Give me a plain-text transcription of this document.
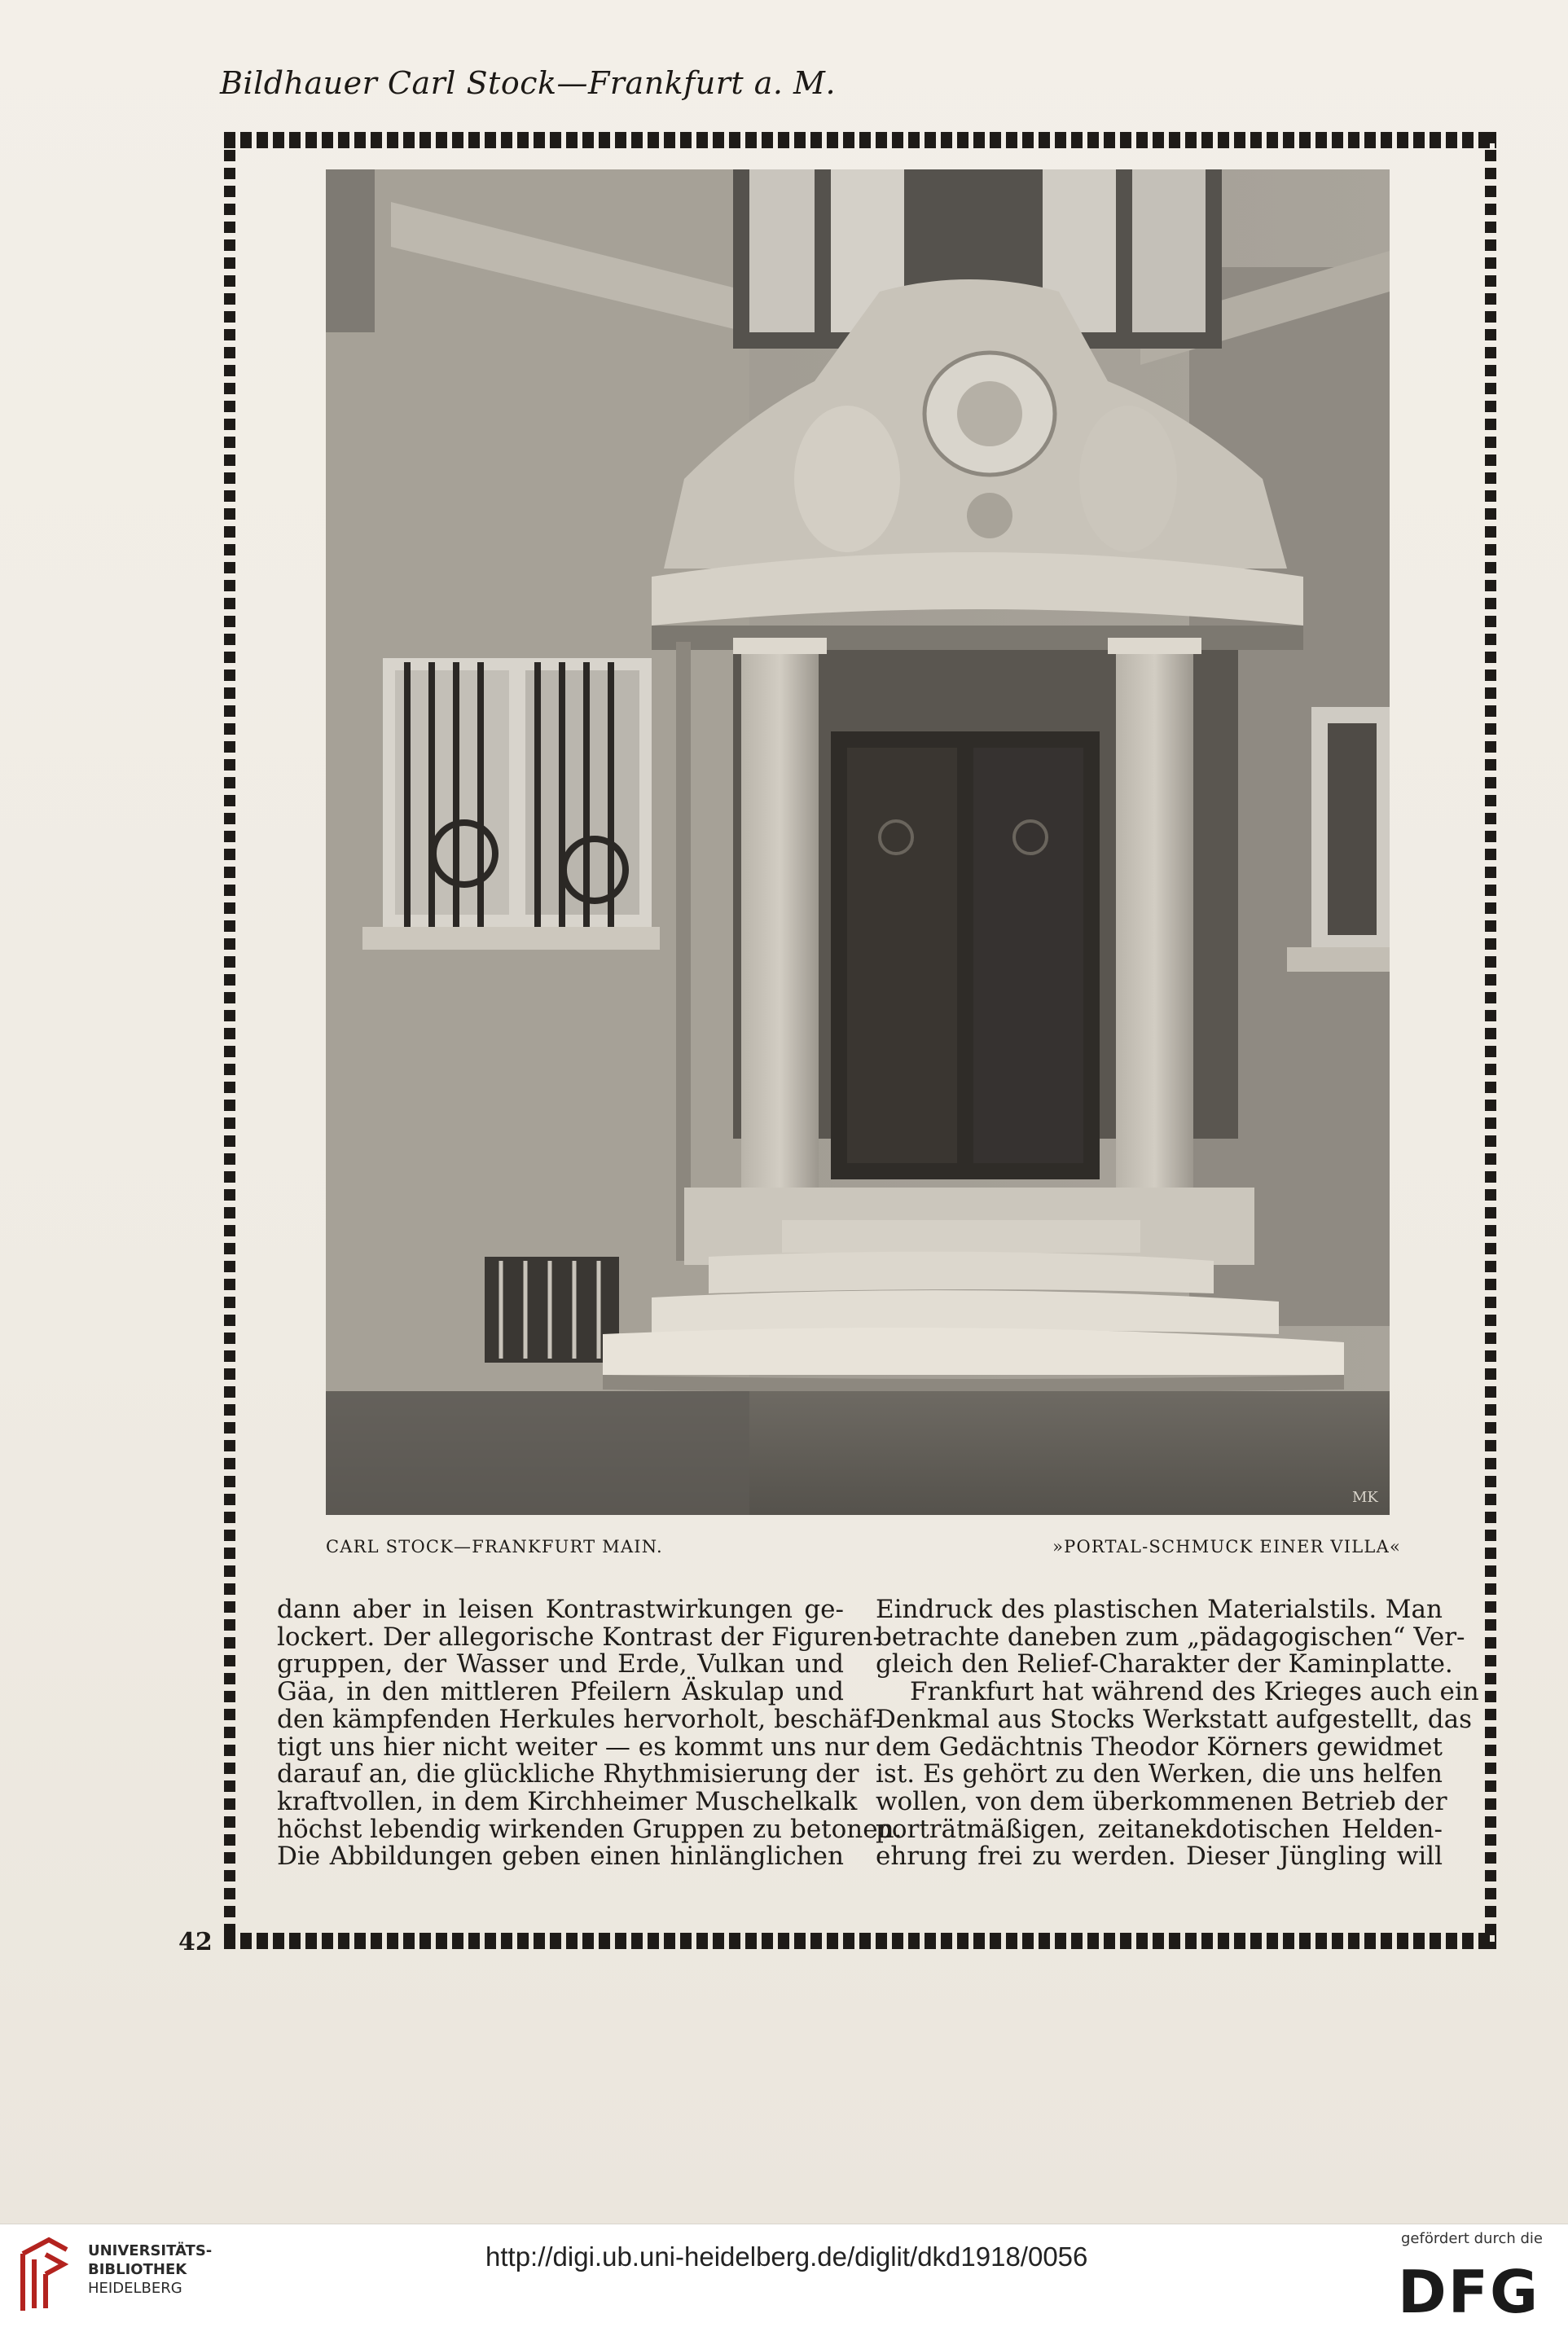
Bildhauer Carl Stock—Frankfurt a. M.
MK
CARL STOCK—FRANKFURT MAIN.	»PORTAL-SCHMUCK EINER VILLA«
dann aber in leisen Kontrastwirkungen ge-
lockert. Der allegorische Kontrast der Figuren-
gruppen, der Wasser und Erde, Vulkan und
Gäa, in den mittleren Pfeilern Äskulap und
den kämpfenden Herkules hervorholt, beschäf-
tigt uns hier nicht weiter — es kommt uns nur
darauf an, die glückliche Rhythmisierung der
kraftvollen, in dem Kirchheimer Muschelkalk
höchst lebendig wirkenden Gruppen zu betonen.
Die Abbildungen geben einen hinlänglichen
Eindruck des plastischen Materialstils. Man
betrachte daneben zum „pädagogischen“ Ver-
gleich den Relief-Charakter der Kaminplatte.
Frankfurt hat während des Krieges auch ein
Denkmal aus Stocks Werkstatt aufgestellt, das
dem Gedächtnis Theodor Körners gewidmet
ist. Es gehört zu den Werken, die uns helfen
wollen, von dem überkommenen Betrieb der
porträtmäßigen, zeitanekdotischen Helden-
ehrung frei zu werden. Dieser Jüngling will
42
UNIVERSITÄTS-
BIBLIOTHEK
HEIDELBERG
http://digi.ub.uni-heidelberg.de/diglit/dkd1918/0056
gefördert durch die
DFG
